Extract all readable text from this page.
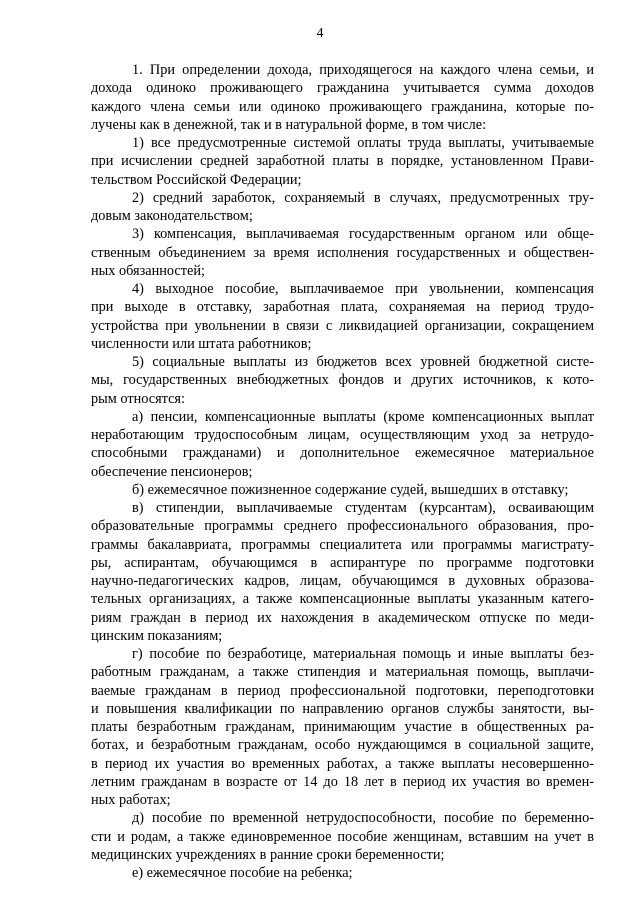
4
1. При определении дохода, приходящегося на каждого члена семьи, и
дохода одиноко проживающего гражданина учитывается сумма доходов
каждого члена семьи или одиноко проживающего гражданина, которые по-
лучены как в денежной, так и в натуральной форме, в том числе:
1) все предусмотренные системой оплаты труда выплаты, учитываемые
при исчислении средней заработной платы в порядке, установленном Прави-
тельством Российской Федерации;
2) средний заработок, сохраняемый в случаях, предусмотренных тру-
довым законодательством;
3) компенсация, выплачиваемая государственным органом или обще-
ственным объединением за время исполнения государственных и обществен-
ных обязанностей;
4) выходное пособие, выплачиваемое при увольнении, компенсация
при выходе в отставку, заработная плата, сохраняемая на период трудо-
устройства при увольнении в связи с ликвидацией организации, сокращением
численности или штата работников;
5) социальные выплаты из бюджетов всех уровней бюджетной систе-
мы, государственных внебюджетных фондов и других источников, к кото-
рым относятся:
а) пенсии, компенсационные выплаты (кроме компенсационных выплат
неработающим трудоспособным лицам, осуществляющим уход за нетрудо-
способными гражданами) и дополнительное ежемесячное материальное
обеспечение пенсионеров;
б) ежемесячное пожизненное содержание судей, вышедших в отставку;
в) стипендии, выплачиваемые студентам (курсантам), осваивающим
образовательные программы среднего профессионального образования, про-
граммы бакалавриата, программы специалитета или программы магистрату-
ры, аспирантам, обучающимся в аспирантуре по программе подготовки
научно-педагогических кадров, лицам, обучающимся в духовных образова-
тельных организациях, а также компенсационные выплаты указанным катего-
риям граждан в период их нахождения в академическом отпуске по меди-
цинским показаниям;
г) пособие по безработице, материальная помощь и иные выплаты без-
работным гражданам, а также стипендия и материальная помощь, выплачи-
ваемые гражданам в период профессиональной подготовки, переподготовки
и повышения квалификации по направлению органов службы занятости, вы-
платы безработным гражданам, принимающим участие в общественных ра-
ботах, и безработным гражданам, особо нуждающимся в социальной защите,
в период их участия во временных работах, а также выплаты несовершенно-
летним гражданам в возрасте от 14 до 18 лет в период их участия во времен-
ных работах;
д) пособие по временной нетрудоспособности, пособие по беременно-
сти и родам, а также единовременное пособие женщинам, вставшим на учет в
медицинских учреждениях в ранние сроки беременности;
е) ежемесячное пособие на ребенка;
